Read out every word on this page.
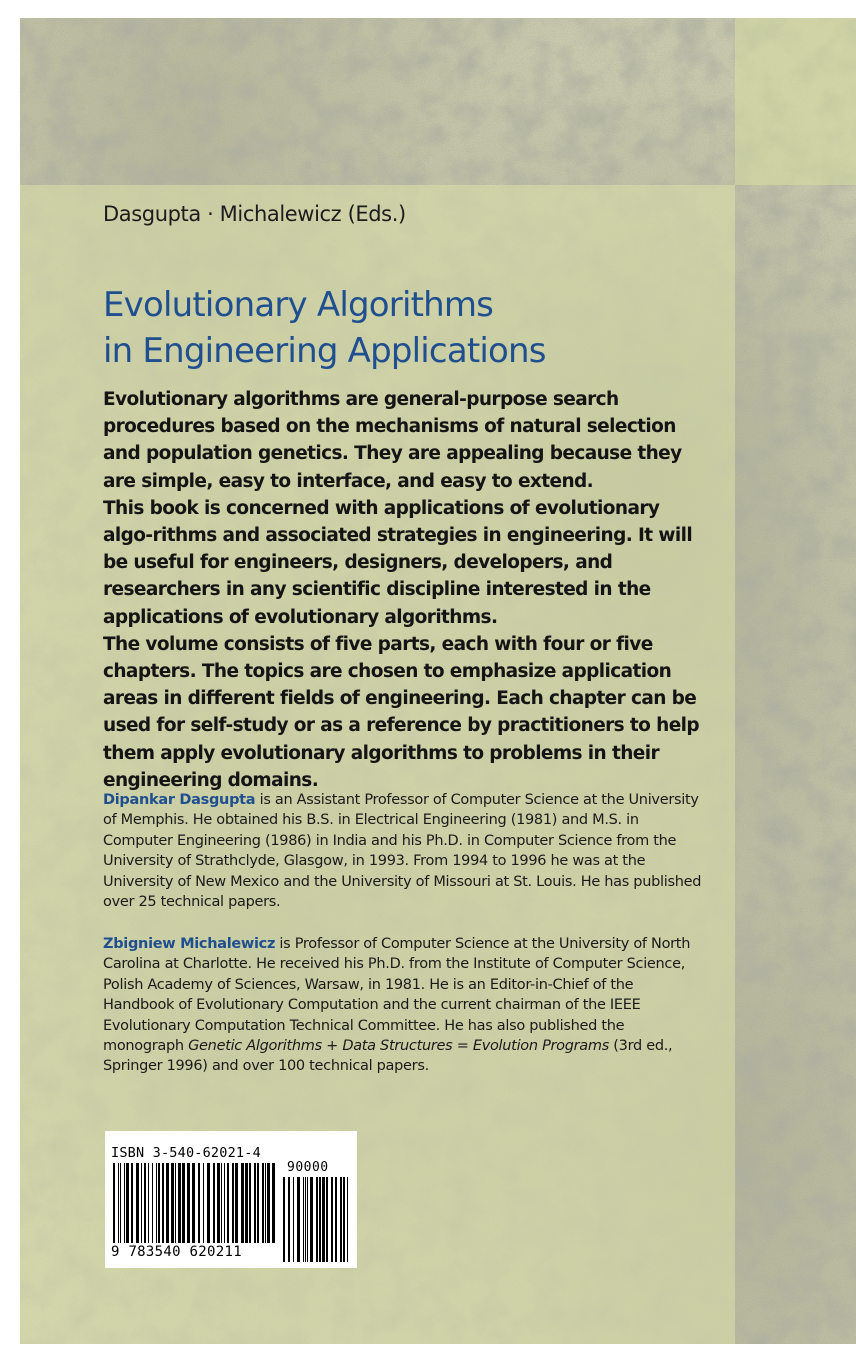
Dasgupta · Michalewicz (Eds.)
Evolutionary Algorithms
in Engineering Applications

Evolutionary algorithms are general-purpose search procedures based on the mechanisms of natural selection and population genetics. They are appealing because they are simple, easy to interface, and easy to extend.

This book is concerned with applications of evolutionary algo-rithms and associated strategies in engineering. It will be useful for engineers, designers, developers, and researchers in any scientific discipline interested in the applications of evolutionary algorithms.

The volume consists of five parts, each with four or five chapters. The topics are chosen to emphasize application areas in different fields of engineering. Each chapter can be used for self-study or as a reference by practitioners to help them apply evolutionary algorithms to problems in their engineering domains.

Dipankar Dasgupta is an Assistant Professor of Computer Science at the University of Memphis. He obtained his B.S. in Electrical Engineering (1981) and M.S. in Computer Engineering (1986) in India and his Ph.D. in Computer Science from the University of Strathclyde, Glasgow, in 1993. From 1994 to 1996 he was at the University of New Mexico and the University of Missouri at St. Louis. He has published over 25 technical papers.

Zbigniew Michalewicz is Professor of Computer Science at the University of North Carolina at Charlotte. He received his Ph.D. from the Institute of Computer Science, Polish Academy of Sciences, Warsaw, in 1981. He is an Editor-in-Chief of the Handbook of Evolutionary Computation and the current chairman of the IEEE Evolutionary Computation Technical Committee. He has also published the monograph Genetic Algorithms + Data Structures = Evolution Programs (3rd ed., Springer 1996) and over 100 technical papers.

ISBN 3-540-62021-4
90000
9 783540 620211
